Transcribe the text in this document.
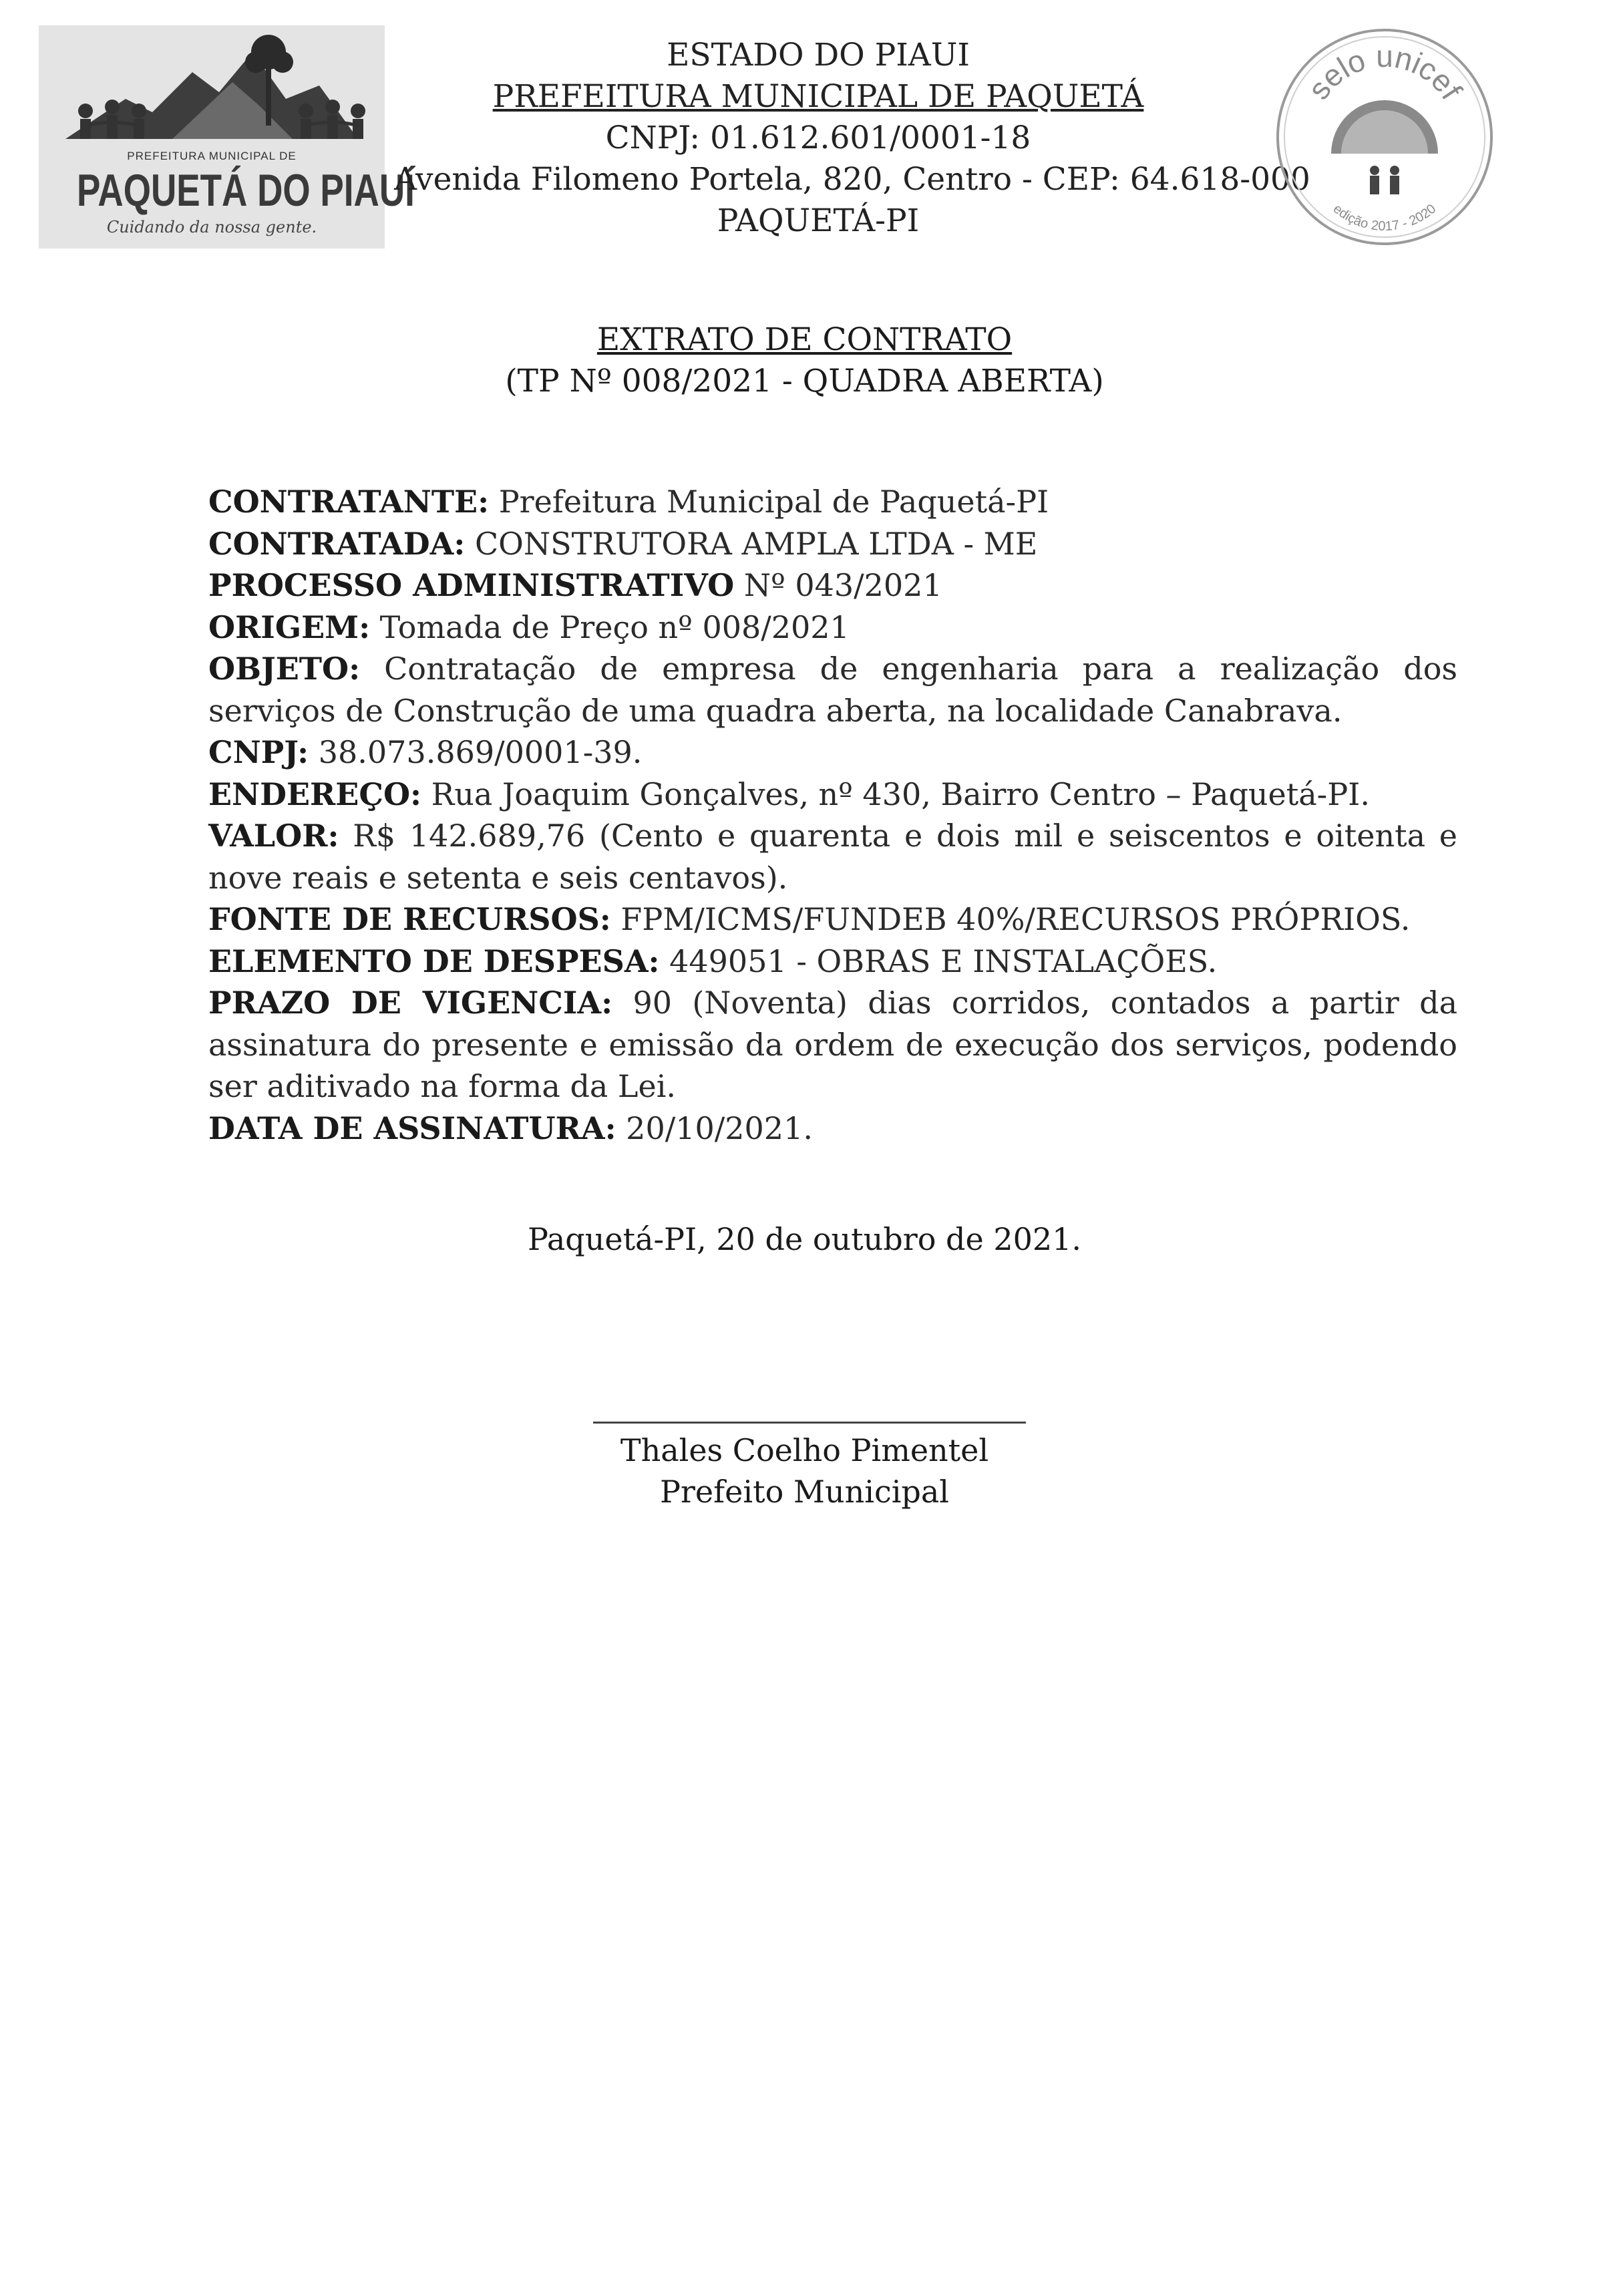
PREFEITURA MUNICIPAL DE
PAQUETÁ DO PIAUÍ
Cuidando da nossa gente.
ESTADO DO PIAUI
PREFEITURA MUNICIPAL DE PAQUETÁ
CNPJ: 01.612.601/0001-18
Avenida Filomeno Portela, 820, Centro - CEP: 64.618-000
PAQUETÁ-PI
selo unicef
edição 2017 - 2020
EXTRATO DE CONTRATO
(TP Nº 008/2021 - QUADRA ABERTA)

CONTRATANTE: Prefeitura Municipal de Paquetá-PI

CONTRATADA: CONSTRUTORA AMPLA LTDA - ME

PROCESSO ADMINISTRATIVO Nº 043/2021

ORIGEM: Tomada de Preço nº 008/2021

OBJETO: Contratação de empresa de engenharia para a realização dos serviços de Construção de uma quadra aberta, na localidade Canabrava.

CNPJ: 38.073.869/0001-39.

ENDEREÇO: Rua Joaquim Gonçalves, nº 430, Bairro Centro – Paquetá-PI.

VALOR: R$ 142.689,76 (Cento e quarenta e dois mil e seiscentos e oitenta e nove reais e setenta e seis centavos).

FONTE DE RECURSOS: FPM/ICMS/FUNDEB 40%/RECURSOS PRÓPRIOS.

ELEMENTO DE DESPESA: 449051 - OBRAS E INSTALAÇÕES.

PRAZO DE VIGENCIA: 90 (Noventa) dias corridos, contados a partir da assinatura do presente e emissão da ordem de execução dos serviços, podendo ser aditivado na forma da Lei.

DATA DE ASSINATURA: 20/10/2021.

Paquetá-PI, 20 de outubro de 2021.
Thales Coelho Pimentel
Prefeito Municipal
